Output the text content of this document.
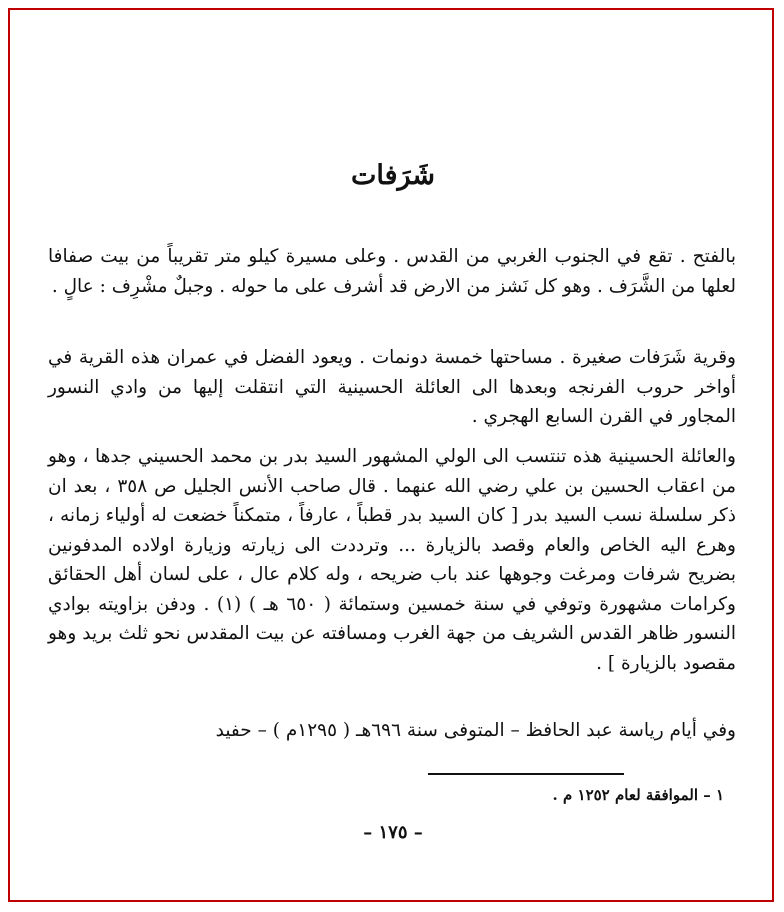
شَرَفات

بالفتح . تقع في الجنوب الغربي من القدس . وعلى مسيرة كيلو متر تقريباً من بيت صفافا لعلها من الشَّرَف . وهو كل نَشز من الارض قد أشرف على ما حوله . وجبلٌ مشْرِف : عالٍ .

وقرية شَرَفات صغيرة . مساحتها خمسة دونمات . ويعود الفضل في عمران هذه القرية في أواخر حروب الفرنجه وبعدها الى العائلة الحسينية التي انتقلت إليها من وادي النسور المجاور في القرن السابع الهجري .

والعائلة الحسينية هذه تنتسب الى الولي المشهور السيد بدر بن محمد الحسيني جدها ، وهو من اعقاب الحسين بن علي رضي الله عنهما . قال صاحب الأنس الجليل ص ٣٥٨ ، بعد ان ذكر سلسلة نسب السيد بدر [ كان السيد بدر قطباً ، عارفاً ، متمكناً خضعت له أولياء زمانه ، وهرع اليه الخاص والعام وقصد بالزيارة ... وترددت الى زيارته وزيارة اولاده المدفونين بضريح شرفات ومرغت وجوهها عند باب ضريحه ، وله كلام عال ، على لسان أهل الحقائق وكرامات مشهورة وتوفي في سنة خمسين وستمائة ( ٦٥٠ هـ ) (١) . ودفن بزاويته بوادي النسور ظاهر القدس الشريف من جهة الغرب ومسافته عن بيت المقدس نحو ثلث بريد وهو مقصود بالزيارة ] .

وفي أيام رياسة عبد الحافظ – المتوفى سنة ٦٩٦هـ ( ١٢٩٥م ) – حفيد

١ – الموافقة لعام ١٢٥٢ م .
– ١٧٥ –
